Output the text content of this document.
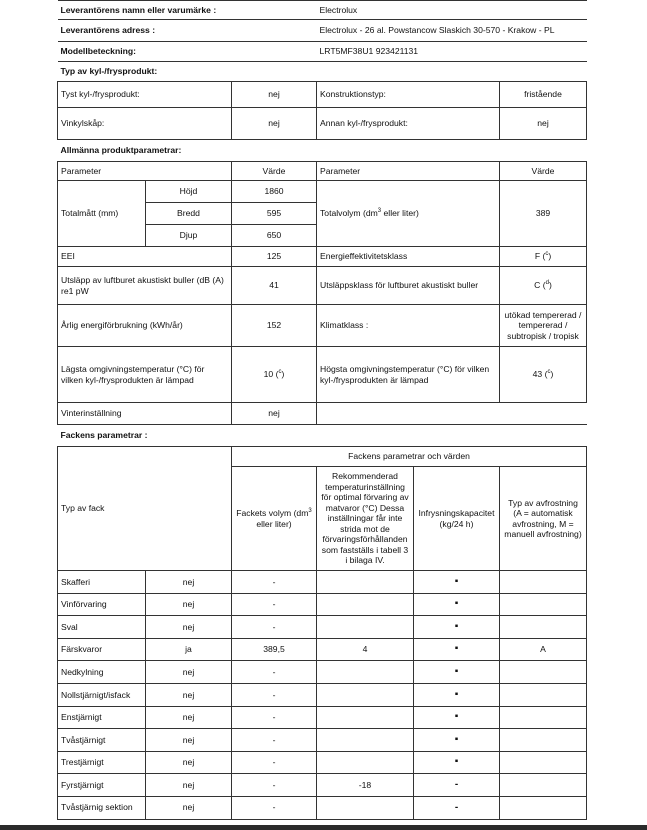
Leverantörens namn eller varumärke :			Electrolux		
Leverantörens adress :			Electrolux - 26 al. Powstancow Slaskich 30-570 - Krakow - PL		
Modellbeteckning:			LRT5MF38U1 923421131		
Typ av kyl-/frysprodukt:					
Tyst kyl-/frysprodukt:		nej	Konstruktionstyp:		fristående
Vinkylskåp:		nej	Annan kyl-/frysprodukt:		nej
Allmänna produktparametrar:					
Parameter		Värde	Parameter		Värde
Totalmått (mm)	Höjd	1860	Totalvolym ($dm^3$ eller liter)		389
	Bredd	595			
	Djup	650			
EEI		125	Energieffektivitetsklass		F ($^c$)
Utsläpp av luftburet akustiskt buller (dB (A) re1 pW		41	Utsläppsklass för luftburet akustiskt buller		C ($^d$)
Årlig energiförbrukning (kWh/år)		152	Klimatklass :		utökad tempererad / tempererad / subtropisk / tropisk
Lägsta omgivningstemperatur (°C) för vilken kyl-/frysprodukten är lämpad		10 ($^c$)	Högsta omgivningstemperatur (°C) för vilken kyl-/frysprodukten är lämpad		43 ($^c$)
Vinterinställning		nej			
Fackens parametrar :					
Typ av fack		Fackens parametrar och värden			
		Fackets volym ($dm^3$ eller liter)	Rekommenderad temperaturinställning för optimal förvaring av matvaror (°C) Dessa inställningar får inte strida mot de förvaringsförhållanden som fastställs i tabell 3 i bilaga IV.	Infrysningskapacitet (kg/24 h)	Typ av avfrostning (A = automatisk avfrostning, M = manuell avfrostning)
Skafferi	nej	-		▪	
Vinförvaring	nej	-		▪	
Sval	nej	-		▪	
Färskvaror	ja	389,5	4	▪	A
Nedkylning	nej	-		▪	
Nollstjärnigt/isfack	nej	-		▪	
Enstjärnigt	nej	-		▪	
Tvåstjärnigt	nej	-		▪	
Trestjärnigt	nej	-		▪	
Fyrstjärnigt	nej	-	-18	-	
Tvåstjärnig sektion	nej	-		-	
